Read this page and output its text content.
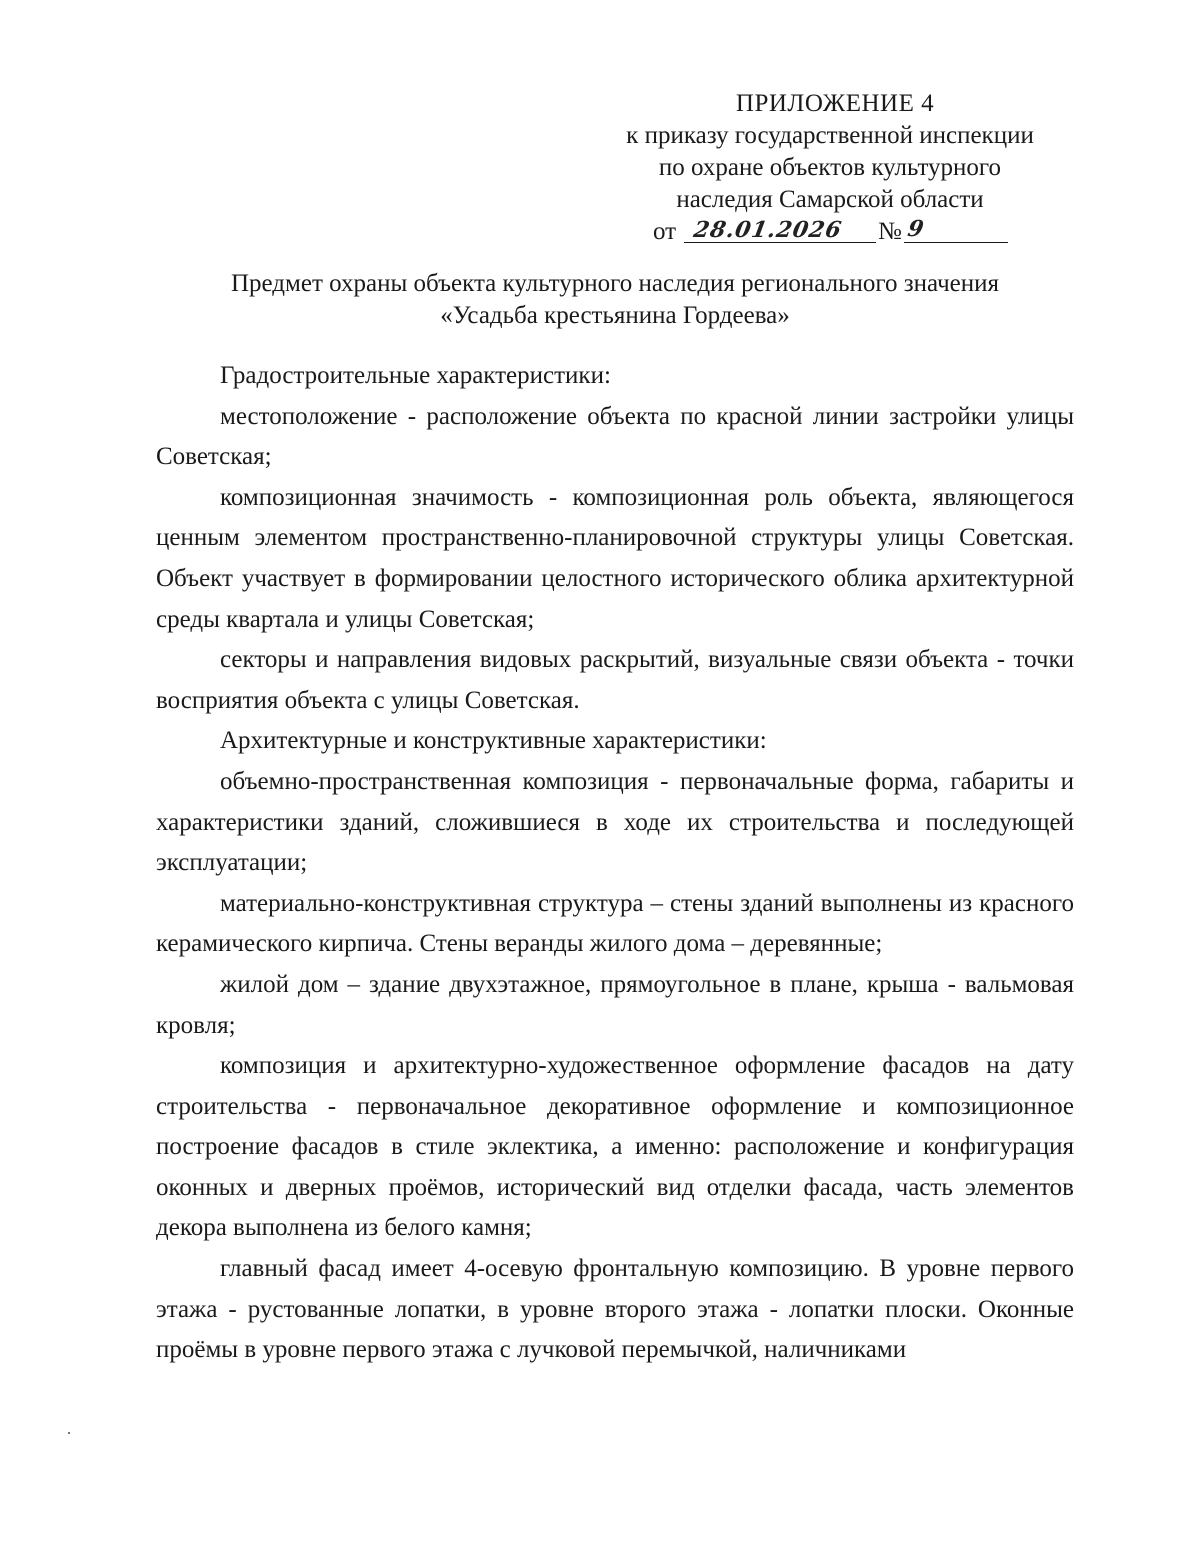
ПРИЛОЖЕНИЕ 4
к приказу государственной инспекции
по охране объектов культурного
наследия Самарской области
от 28.01.2026 № 9
Предмет охраны объекта культурного наследия регионального значения
«Усадьба крестьянина Гордеева»

Градостроительные характеристики:

местоположение - расположение объекта по красной линии застройки улицы Советская;

композиционная значимость - композиционная роль объекта, являющегося ценным элементом пространственно-планировочной структуры улицы Советская. Объект участвует в формировании целостного исторического облика архитектурной среды квартала и улицы Советская;

секторы и направления видовых раскрытий, визуальные связи объекта - точки восприятия объекта с улицы Советская.

Архитектурные и конструктивные характеристики:

объемно-пространственная композиция - первоначальные форма, габариты и характеристики зданий, сложившиеся в ходе их строительства и последующей эксплуатации;

материально-конструктивная структура – стены зданий выполнены из красного керамического кирпича. Стены веранды жилого дома – деревянные;

жилой дом – здание двухэтажное, прямоугольное в плане, крыша - вальмовая кровля;

композиция и архитектурно-художественное оформление фасадов на дату строительства - первоначальное декоративное оформление и композиционное построение фасадов в стиле эклектика, а именно: расположение и конфигурация оконных и дверных проёмов, исторический вид отделки фасада, часть элементов декора выполнена из белого камня;

главный фасад имеет 4-осевую фронтальную композицию. В уровне первого этажа - рустованные лопатки, в уровне второго этажа - лопатки плоски. Оконные проёмы в уровне первого этажа с лучковой перемычкой, наличниками
